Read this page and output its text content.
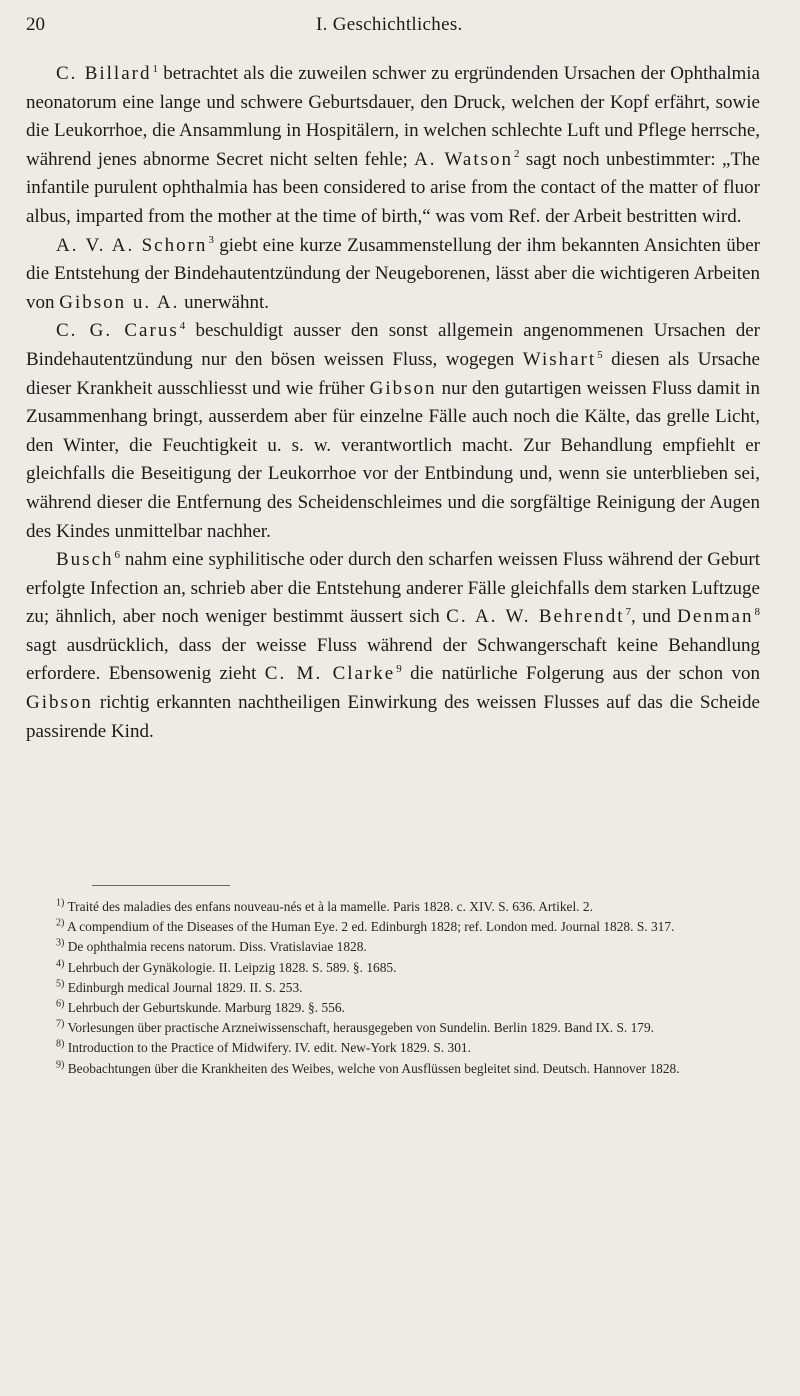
20	I. Geschichtliches.

C. Billard$^1$ betrachtet als die zuweilen schwer zu ergründenden Ursachen der Ophthalmia neonatorum eine lange und schwere Geburtsdauer, den Druck, welchen der Kopf erfährt, sowie die Leukorrhoe, die Ansammlung in Hospitälern, in welchen schlechte Luft und Pflege herrsche, während jenes abnorme Secret nicht selten fehle; A. Watson$^2$ sagt noch unbestimmter: „The infantile purulent ophthalmia has been considered to arise from the contact of the matter of fluor albus, imparted from the mother at the time of birth,“ was vom Ref. der Arbeit bestritten wird.

A. V. A. Schorn$^3$ giebt eine kurze Zusammenstellung der ihm bekannten Ansichten über die Entstehung der Bindehautentzündung der Neugeborenen, lässt aber die wichtigeren Arbeiten von Gibson u. A. unerwähnt.

C. G. Carus$^4$ beschuldigt ausser den sonst allgemein angenommenen Ursachen der Bindehautentzündung nur den bösen weissen Fluss, wogegen Wishart$^5$ diesen als Ursache dieser Krankheit ausschliesst und wie früher Gibson nur den gutartigen weissen Fluss damit in Zusammenhang bringt, ausserdem aber für einzelne Fälle auch noch die Kälte, das grelle Licht, den Winter, die Feuchtigkeit u. s. w. verantwortlich macht. Zur Behandlung empfiehlt er gleichfalls die Beseitigung der Leukorrhoe vor der Entbindung und, wenn sie unterblieben sei, während dieser die Entfernung des Scheidenschleimes und die sorgfältige Reinigung der Augen des Kindes unmittelbar nachher.

Busch$^6$ nahm eine syphilitische oder durch den scharfen weissen Fluss während der Geburt erfolgte Infection an, schrieb aber die Entstehung anderer Fälle gleichfalls dem starken Luftzuge zu; ähnlich, aber noch weniger bestimmt äussert sich C. A. W. Behrendt$^7$, und Denman$^8$ sagt ausdrücklich, dass der weisse Fluss während der Schwangerschaft keine Behandlung erfordere. Ebensowenig zieht C. M. Clarke$^9$ die natürliche Folgerung aus der schon von Gibson richtig erkannten nachtheiligen Einwirkung des weissen Flusses auf das die Scheide passirende Kind.

$^{1)}$ Traité des maladies des enfans nouveau-nés et à la mamelle. Paris 1828. c. XIV. S. 636. Artikel. 2.

$^{2)}$ A compendium of the Diseases of the Human Eye. 2 ed. Edinburgh 1828; ref. London med. Journal 1828. S. 317.

$^{3)}$ De ophthalmia recens natorum. Diss. Vratislaviae 1828.

$^{4)}$ Lehrbuch der Gynäkologie. II. Leipzig 1828. S. 589. §. 1685.

$^{5)}$ Edinburgh medical Journal 1829. II. S. 253.

$^{6)}$ Lehrbuch der Geburtskunde. Marburg 1829. §. 556.

$^{7)}$ Vorlesungen über practische Arzneiwissenschaft, herausgegeben von Sundelin. Berlin 1829. Band IX. S. 179.

$^{8)}$ Introduction to the Practice of Midwifery. IV. edit. New-York 1829. S. 301.

$^{9)}$ Beobachtungen über die Krankheiten des Weibes, welche von Ausflüssen begleitet sind. Deutsch. Hannover 1828.
